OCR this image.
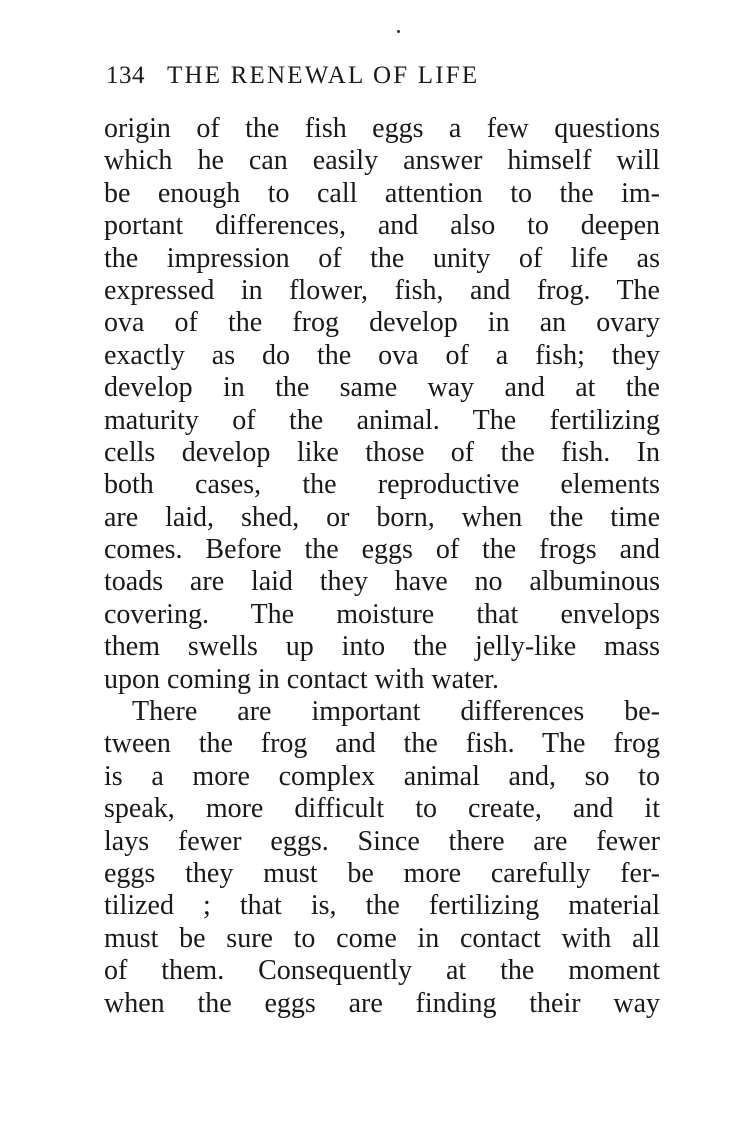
134 THE RENEWAL OF LIFE
origin of the fish eggs a few questions
which he can easily answer himself will
be enough to call attention to the im-
portant differences, and also to deepen
the impression of the unity of life as
expressed in flower, fish, and frog. The
ova of the frog develop in an ovary
exactly as do the ova of a fish; they
develop in the same way and at the
maturity of the animal. The fertilizing
cells develop like those of the fish. In
both cases, the reproductive elements
are laid, shed, or born, when the time
comes. Before the eggs of the frogs and
toads are laid they have no albuminous
covering. The moisture that envelops
them swells up into the jelly-like mass
upon coming in contact with water.
There are important differences be-
tween the frog and the fish. The frog
is a more complex animal and, so to
speak, more difficult to create, and it
lays fewer eggs. Since there are fewer
eggs they must be more carefully fer-
tilized ; that is, the fertilizing material
must be sure to come in contact with all
of them. Consequently at the moment
when the eggs are finding their way
